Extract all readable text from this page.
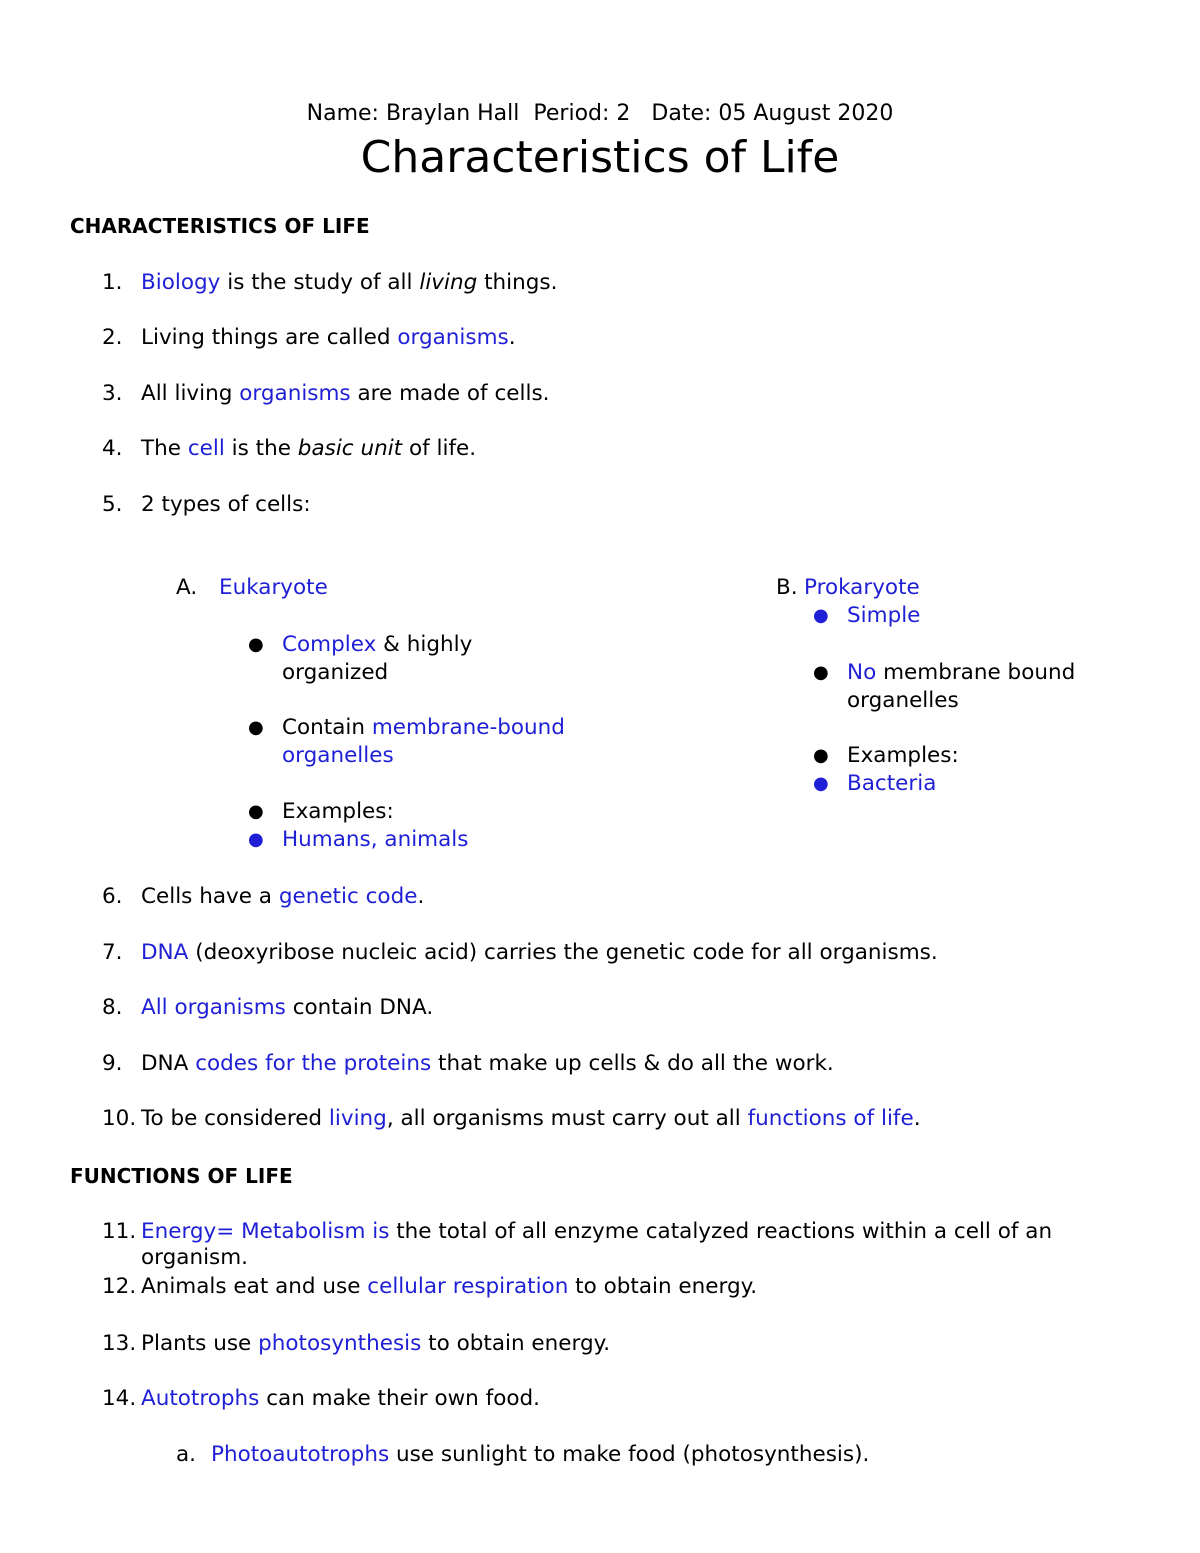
Name: Braylan Hall Period: 2 Date: 05 August 2020
Characteristics of Life
CHARACTERISTICS OF LIFE
1. Biology is the study of all living things.
2. Living things are called organisms.
3. All living organisms are made of cells.
4. The cell is the basic unit of life.
5. 2 types of cells:
A. Eukaryote
● Complex & highly
organized
● Contain membrane-bound
organelles
● Examples:
● Humans, animals
B. Prokaryote
● Simple
● No membrane bound
organelles
● Examples:
● Bacteria
6. Cells have a genetic code.
7. DNA (deoxyribose nucleic acid) carries the genetic code for all organisms.
8. All organisms contain DNA.
9. DNA codes for the proteins that make up cells & do all the work.
10. To be considered living, all organisms must carry out all functions of life.
FUNCTIONS OF LIFE
11. Energy= Metabolism is the total of all enzyme catalyzed reactions within a cell of an
organism.
12. Animals eat and use cellular respiration to obtain energy.
13. Plants use photosynthesis to obtain energy.
14. Autotrophs can make their own food.
a. Photoautotrophs use sunlight to make food (photosynthesis).
